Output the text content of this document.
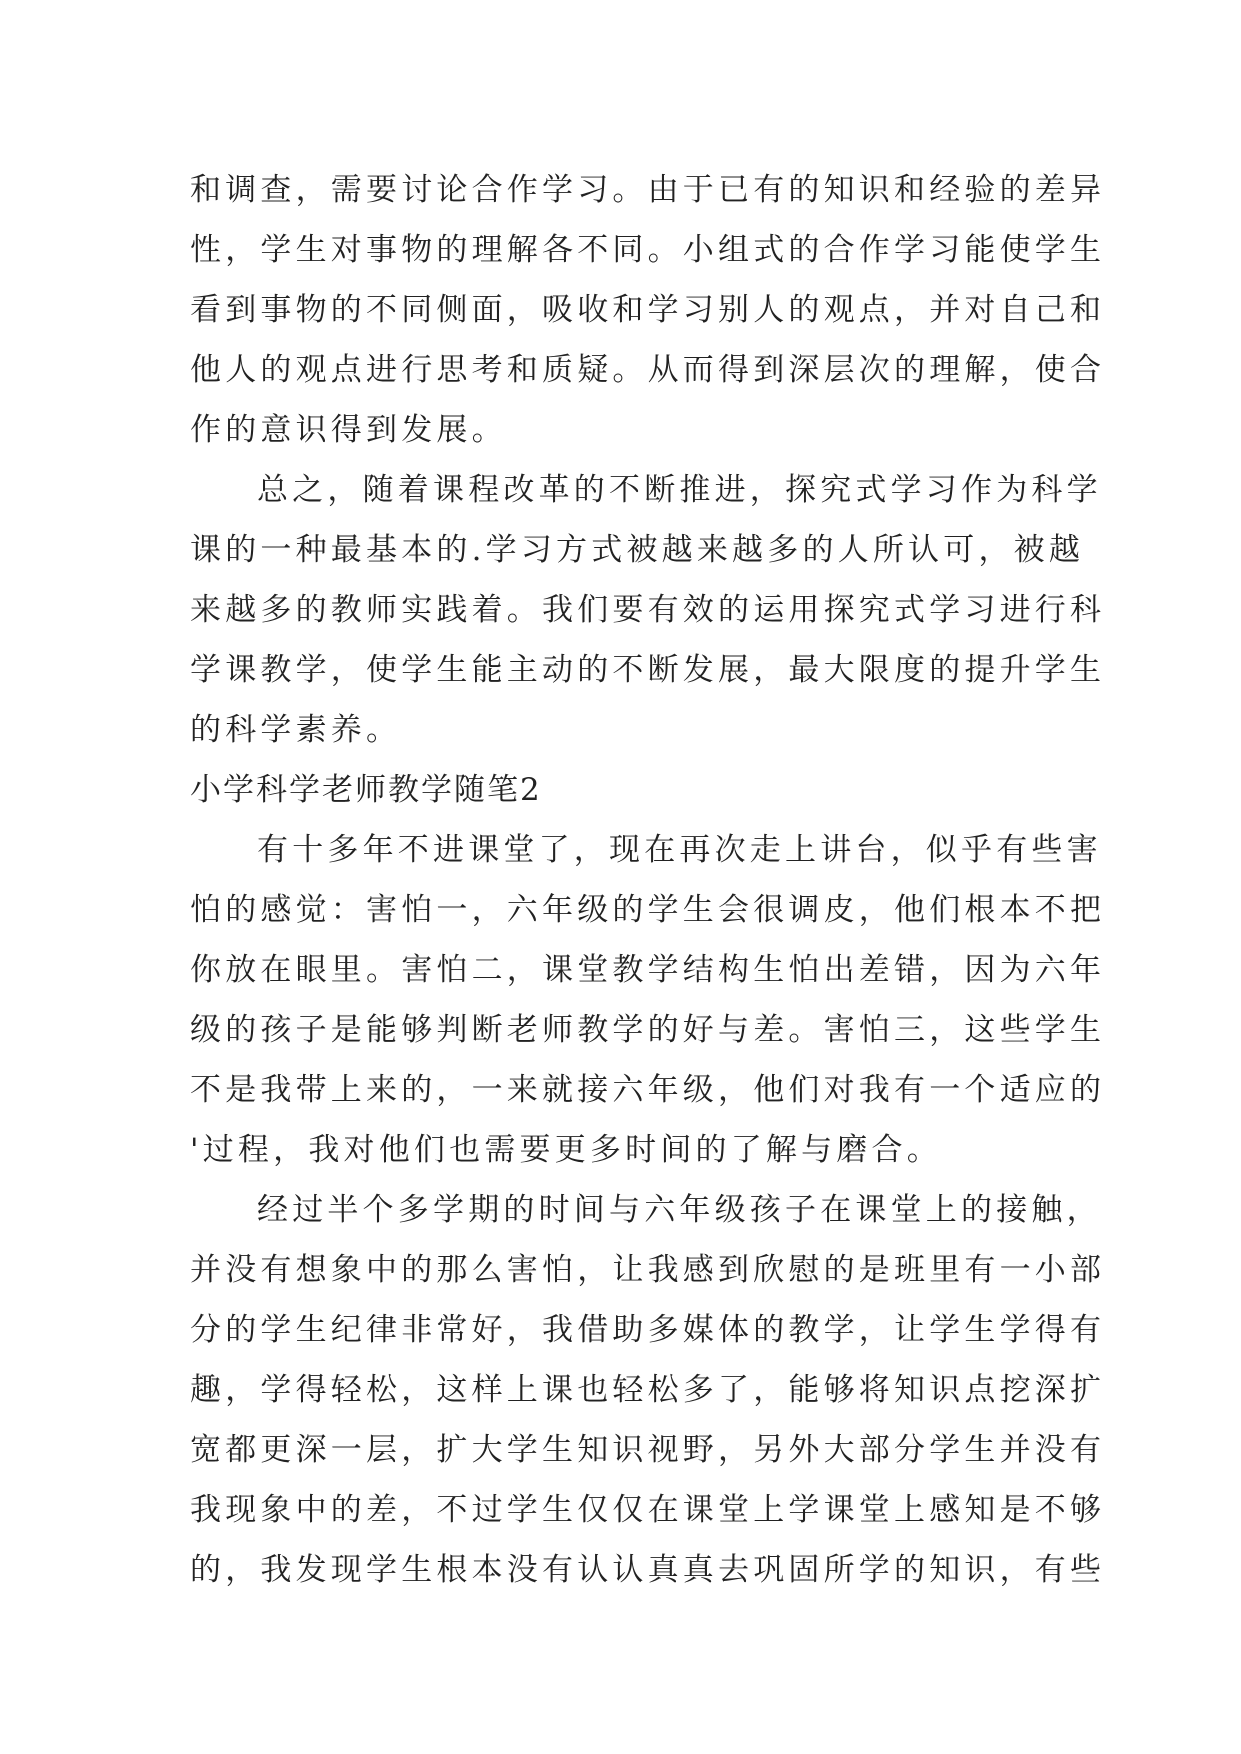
和调查，需要讨论合作学习。由于已有的知识和经验的差异
性，学生对事物的理解各不同。小组式的合作学习能使学生
看到事物的不同侧面，吸收和学习别人的观点，并对自己和
他人的观点进行思考和质疑。从而得到深层次的理解，使合
作的意识得到发展。
总之，随着课程改革的不断推进，探究式学习作为科学
课的一种最基本的.学习方式被越来越多的人所认可，被越
来越多的教师实践着。我们要有效的运用探究式学习进行科
学课教学，使学生能主动的不断发展，最大限度的提升学生
的科学素养。
小学科学老师教学随笔2
有十多年不进课堂了，现在再次走上讲台，似乎有些害
怕的感觉：害怕一，六年级的学生会很调皮，他们根本不把
你放在眼里。害怕二，课堂教学结构生怕出差错，因为六年
级的孩子是能够判断老师教学的好与差。害怕三，这些学生
不是我带上来的，一来就接六年级，他们对我有一个适应的
'过程，我对他们也需要更多时间的了解与磨合。
经过半个多学期的时间与六年级孩子在课堂上的接触，
并没有想象中的那么害怕，让我感到欣慰的是班里有一小部
分的学生纪律非常好，我借助多媒体的教学，让学生学得有
趣，学得轻松，这样上课也轻松多了，能够将知识点挖深扩
宽都更深一层，扩大学生知识视野，另外大部分学生并没有
我现象中的差，不过学生仅仅在课堂上学课堂上感知是不够
的，我发现学生根本没有认认真真去巩固所学的知识，有些
